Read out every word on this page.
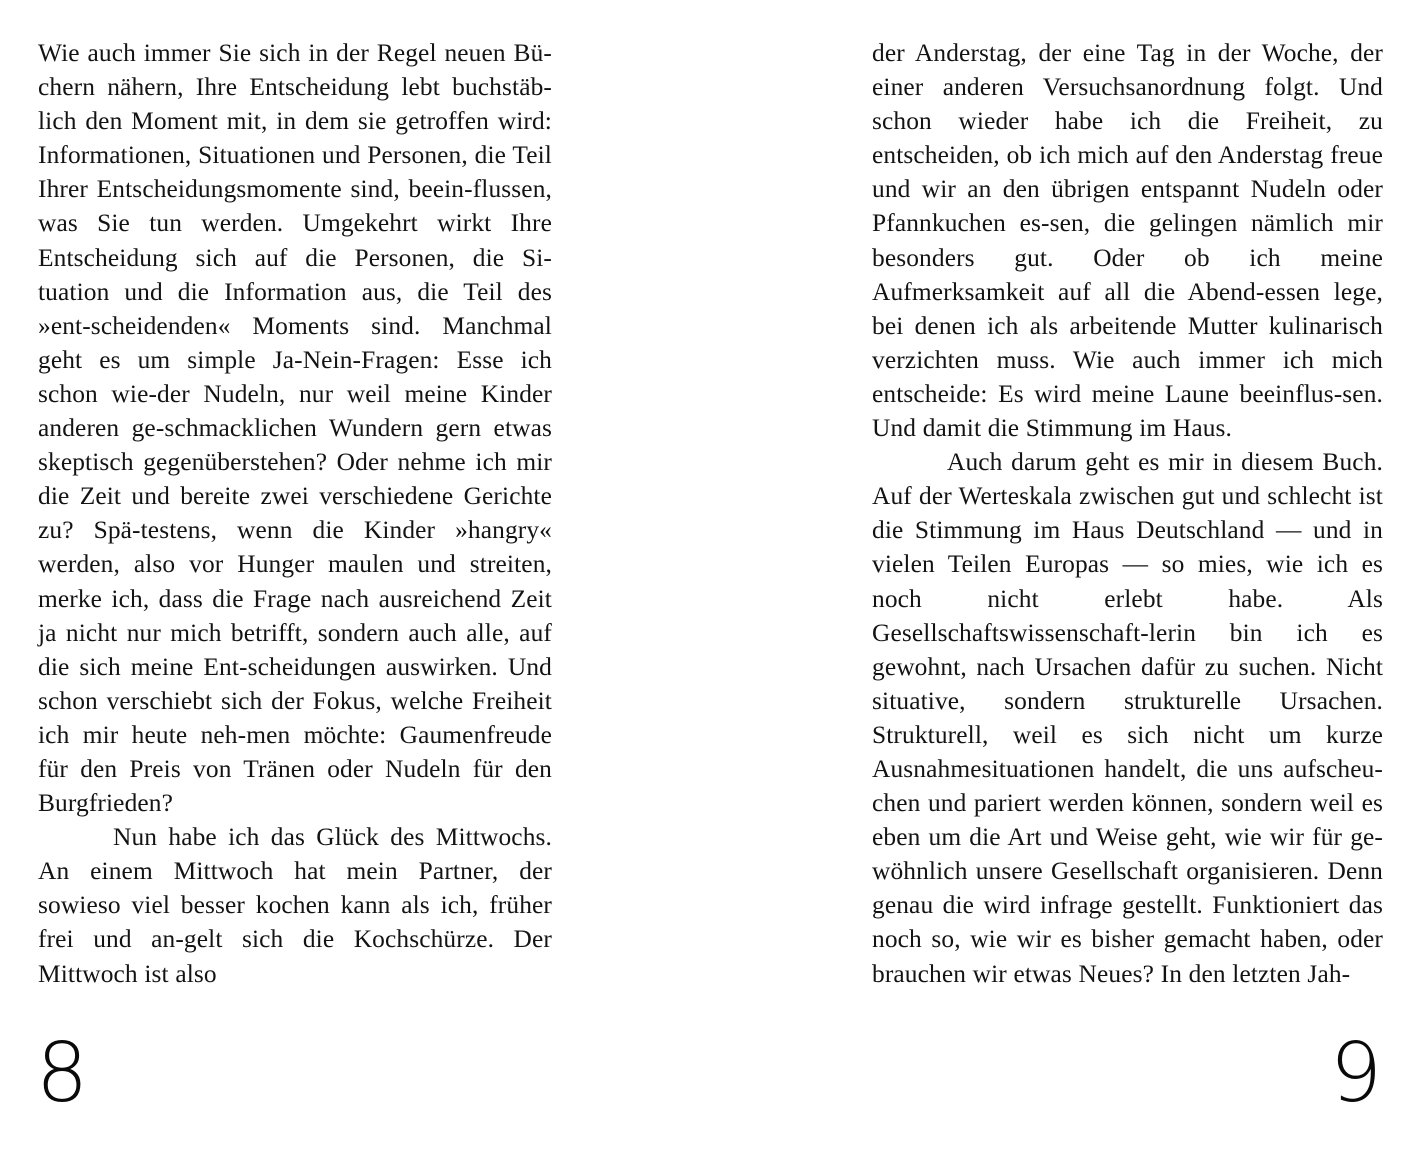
Wie auch immer Sie sich in der Regel neuen Bü-chern nähern, Ihre Entscheidung lebt buchstäb-lich den Moment mit, in dem sie getroffen wird: Informationen, Situationen und Personen, die Teil Ihrer Entscheidungsmomente sind, beein-flussen, was Sie tun werden. Umgekehrt wirkt Ihre Entscheidung sich auf die Personen, die Si-tuation und die Information aus, die Teil des »ent-scheidenden« Moments sind. Manchmal geht es um simple Ja-Nein-Fragen: Esse ich schon wie-der Nudeln, nur weil meine Kinder anderen ge-schmacklichen Wundern gern etwas skeptisch gegenüberstehen? Oder nehme ich mir die Zeit und bereite zwei verschiedene Gerichte zu? Spä-testens, wenn die Kinder »hangry« werden, also vor Hunger maulen und streiten, merke ich, dass die Frage nach ausreichend Zeit ja nicht nur mich betrifft, sondern auch alle, auf die sich meine Ent-scheidungen auswirken. Und schon verschiebt sich der Fokus, welche Freiheit ich mir heute neh-men möchte: Gaumenfreude für den Preis von Tränen oder Nudeln für den Burgfrieden?

Nun habe ich das Glück des Mittwochs. An einem Mittwoch hat mein Partner, der sowieso viel besser kochen kann als ich, früher frei und an-gelt sich die Kochschürze. Der Mittwoch ist also

8

der Anderstag, der eine Tag in der Woche, der einer anderen Versuchsanordnung folgt. Und schon wieder habe ich die Freiheit, zu entscheiden, ob ich mich auf den Anderstag freue und wir an den übrigen entspannt Nudeln oder Pfannkuchen es-sen, die gelingen nämlich mir besonders gut. Oder ob ich meine Aufmerksamkeit auf all die Abend-essen lege, bei denen ich als arbeitende Mutter kulinarisch verzichten muss. Wie auch immer ich mich entscheide: Es wird meine Laune beeinflus-sen. Und damit die Stimmung im Haus.

Auch darum geht es mir in diesem Buch. Auf der Werteskala zwischen gut und schlecht ist die Stimmung im Haus Deutschland — und in vielen Teilen Europas — so mies, wie ich es noch nicht erlebt habe. Als Gesellschaftswissenschaft-lerin bin ich es gewohnt, nach Ursachen dafür zu suchen. Nicht situative, sondern strukturelle Ursachen. Strukturell, weil es sich nicht um kurze Ausnahmesituationen handelt, die uns aufscheu-chen und pariert werden können, sondern weil es eben um die Art und Weise geht, wie wir für ge-wöhnlich unsere Gesellschaft organisieren. Denn genau die wird infrage gestellt. Funktioniert das noch so, wie wir es bisher gemacht haben, oder brauchen wir etwas Neues? In den letzten Jah-

9
